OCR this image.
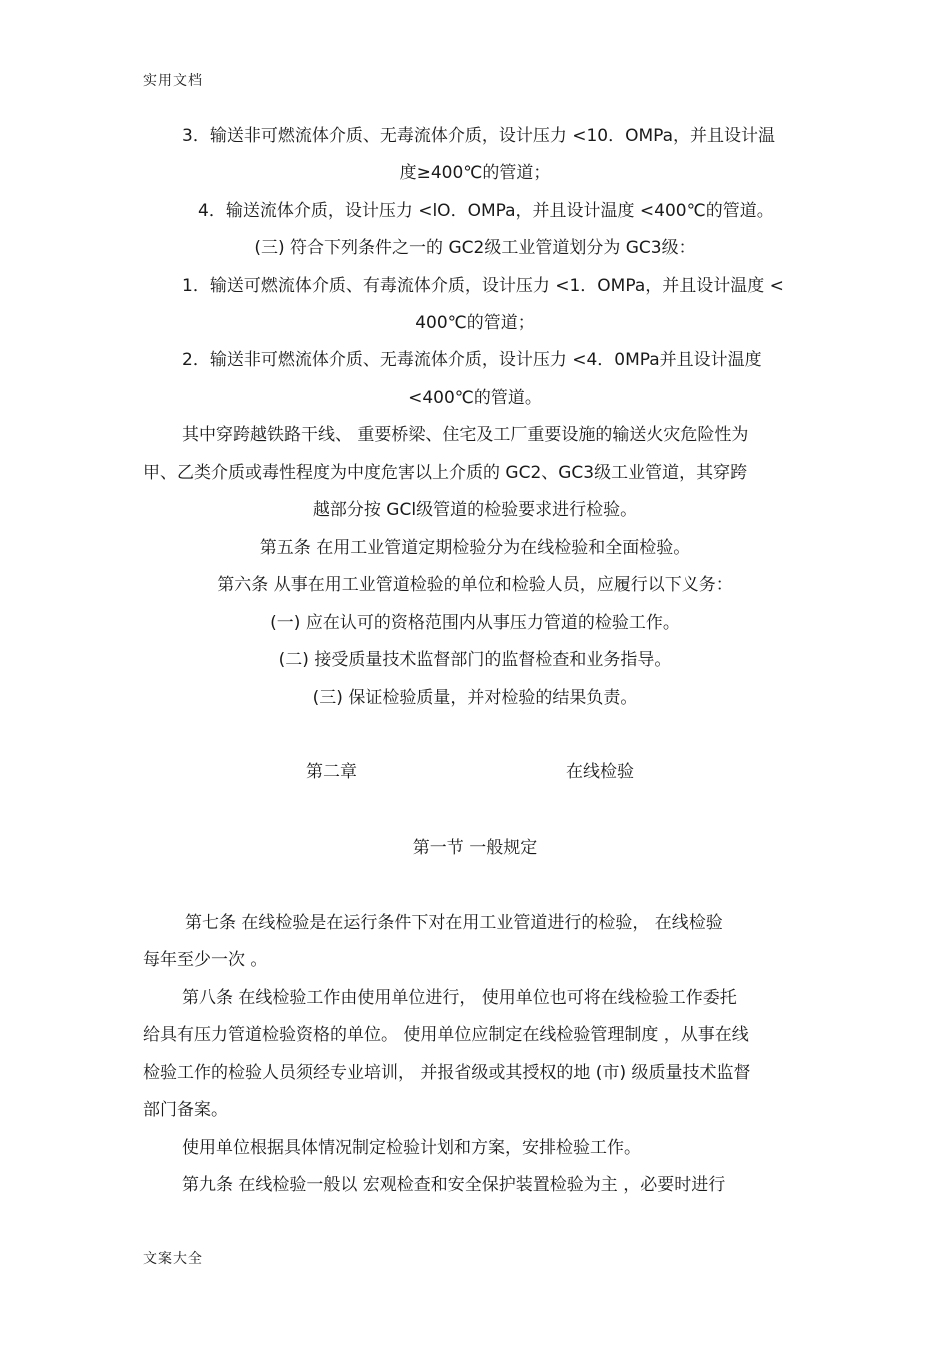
实用文档
3．输送非可燃流体介质、无毒流体介质，设计压力 <10．OMPa，并且设计温
度≥400℃的管道；
4．输送流体介质，设计压力 <lO．OMPa，并且设计温度 <400℃的管道。
(三) 符合下列条件之一的 GC2级工业管道划分为 GC3级：
1．输送可燃流体介质、有毒流体介质，设计压力 <1．OMPa，并且设计温度 <
400℃的管道；
2．输送非可燃流体介质、无毒流体介质，设计压力 <4．0MPa并且设计温度
<400℃的管道。
其中穿跨越铁路干线、 重要桥梁、住宅及工厂重要设施的输送火灾危险性为
甲、乙类介质或毒性程度为中度危害以上介质的 GC2、GC3级工业管道，其穿跨
越部分按 GCl级管道的检验要求进行检验。
第五条 在用工业管道定期检验分为在线检验和全面检验。
第六条 从事在用工业管道检验的单位和检验人员，应履行以下义务：
(一) 应在认可的资格范围内从事压力管道的检验工作。
(二) 接受质量技术监督部门的监督检查和业务指导。
(三) 保证检验质量，并对检验的结果负责。
第二章	在线检验
第一节 一般规定
第七条 在线检验是在运行条件下对在用工业管道进行的检验， 在线检验
每年至少一次 。
第八条 在线检验工作由使用单位进行， 使用单位也可将在线检验工作委托
给具有压力管道检验资格的单位。 使用单位应制定在线检验管理制度 ，从事在线
检验工作的检验人员须经专业培训， 并报省级或其授权的地 (市) 级质量技术监督
部门备案。
使用单位根据具体情况制定检验计划和方案，安排检验工作。
第九条 在线检验一般以 宏观检查和安全保护装置检验为主 ，必要时进行
文案大全
